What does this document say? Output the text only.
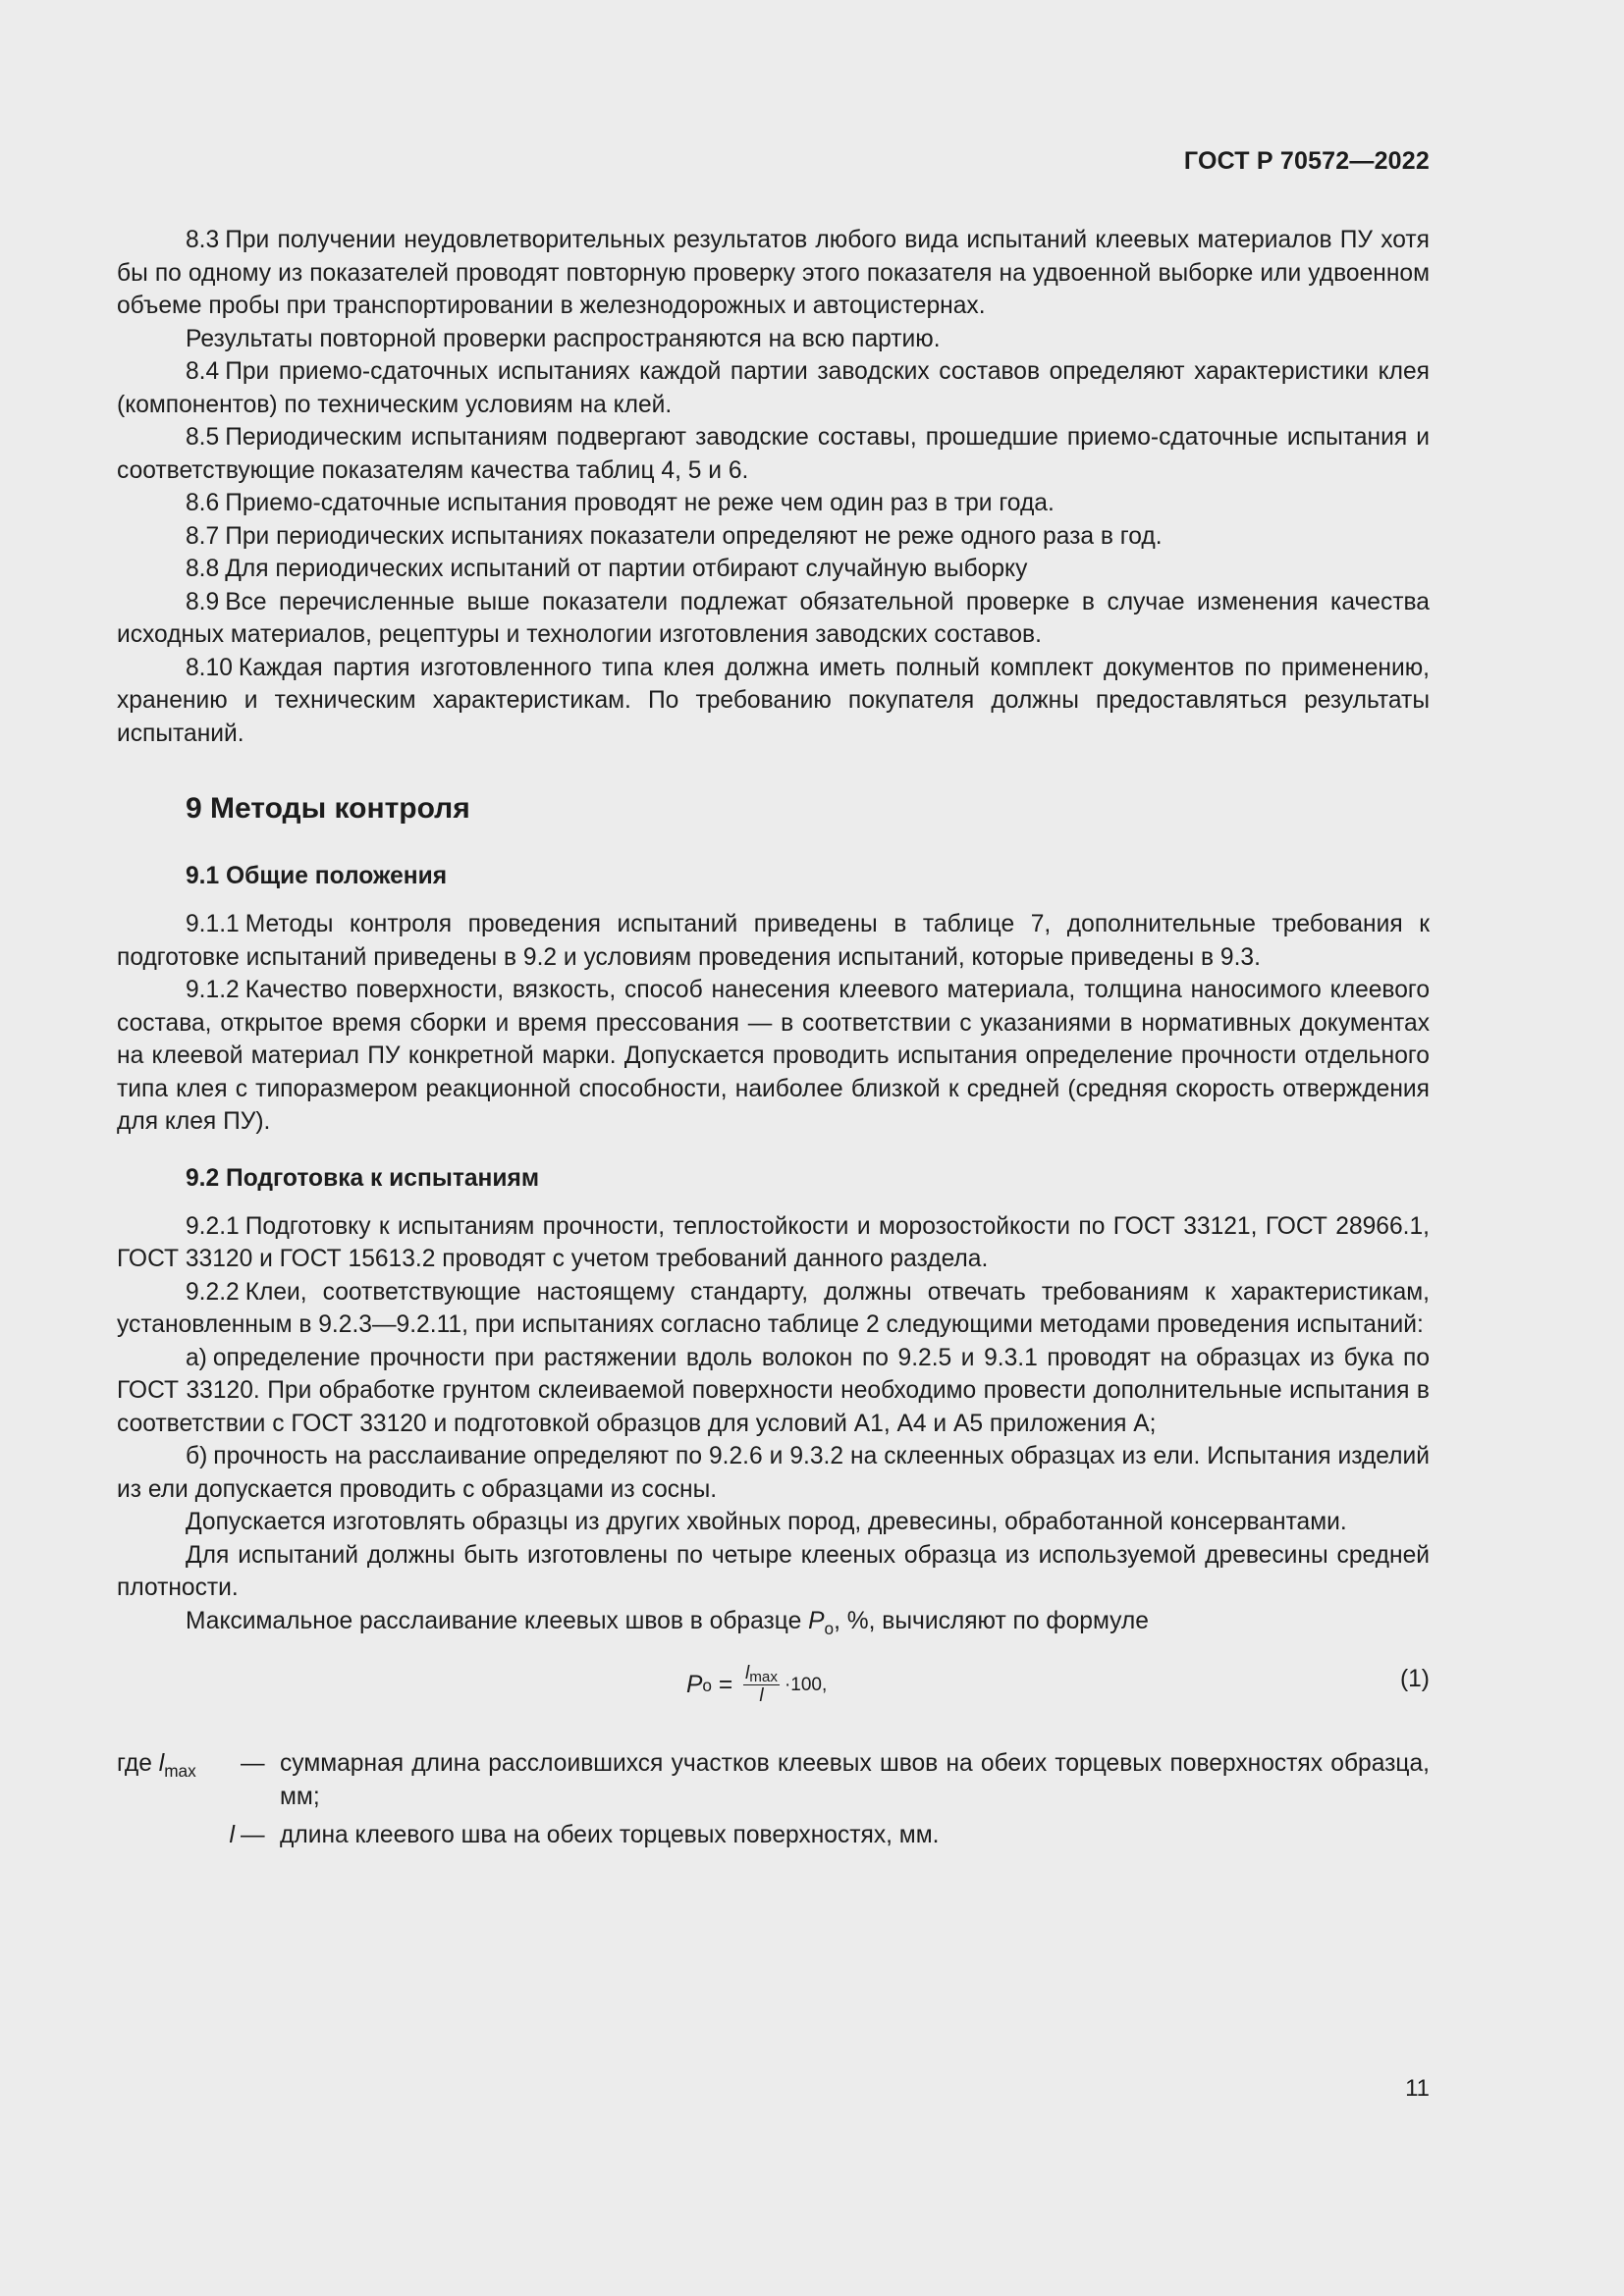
ГОСТ Р 70572—2022

8.3 При получении неудовлетворительных результатов любого вида испытаний клеевых материалов ПУ хотя бы по одному из показателей проводят повторную проверку этого показателя на удвоенной выборке или удвоенном объеме пробы при транспортировании в железнодорожных и автоцистернах.

Результаты повторной проверки распространяются на всю партию.

8.4 При приемо-сдаточных испытаниях каждой партии заводских составов определяют характеристики клея (компонентов) по техническим условиям на клей.

8.5 Периодическим испытаниям подвергают заводские составы, прошедшие приемо-сдаточные испытания и соответствующие показателям качества таблиц 4, 5 и 6.

8.6 Приемо-сдаточные испытания проводят не реже чем один раз в три года.

8.7 При периодических испытаниях показатели определяют не реже одного раза в год.

8.8 Для периодических испытаний от партии отбирают случайную выборку

8.9 Все перечисленные выше показатели подлежат обязательной проверке в случае изменения качества исходных материалов, рецептуры и технологии изготовления заводских составов.

8.10 Каждая партия изготовленного типа клея должна иметь полный комплект документов по применению, хранению и техническим характеристикам. По требованию покупателя должны предоставляться результаты испытаний.

9 Методы контроля
9.1 Общие положения

9.1.1 Методы контроля проведения испытаний приведены в таблице 7, дополнительные требования к подготовке испытаний приведены в 9.2 и условиям проведения испытаний, которые приведены в 9.3.

9.1.2 Качество поверхности, вязкость, способ нанесения клеевого материала, толщина наносимого клеевого состава, открытое время сборки и время прессования — в соответствии с указаниями в нормативных документах на клеевой материал ПУ конкретной марки. Допускается проводить испытания определение прочности отдельного типа клея с типоразмером реакционной способности, наиболее близкой к средней (средняя скорость отверждения для клея ПУ).

9.2 Подготовка к испытаниям

9.2.1 Подготовку к испытаниям прочности, теплостойкости и морозостойкости по ГОСТ 33121, ГОСТ 28966.1, ГОСТ 33120 и ГОСТ 15613.2 проводят с учетом требований данного раздела.

9.2.2 Клеи, соответствующие настоящему стандарту, должны отвечать требованиям к характеристикам, установленным в 9.2.3—9.2.11, при испытаниях согласно таблице 2 следующими методами проведения испытаний:

а) определение прочности при растяжении вдоль волокон по 9.2.5 и 9.3.1 проводят на образцах из бука по ГОСТ 33120. При обработке грунтом склеиваемой поверхности необходимо провести дополнительные испытания в соответствии с ГОСТ 33120 и подготовкой образцов для условий А1, А4 и А5 приложения А;

б) прочность на расслаивание определяют по 9.2.6 и 9.3.2 на склеенных образцах из ели. Испытания изделий из ели допускается проводить с образцами из сосны.

Допускается изготовлять образцы из других хвойных пород, древесины, обработанной консервантами.

Для испытаний должны быть изготовлены по четыре клееных образца из используемой древесины средней плотности.

Максимальное расслаивание клеевых швов в образце $P_о$, %, вычисляют по формуле

P $о = \frac{l_{max}}{l} \cdot 100$,	(1)
где $l_{max}$	— суммарная длина расслоившихся участков клеевых швов на обеих торцевых поверхностях образца, мм;
l — длина клеевого шва на обеих торцевых поверхностях, мм.
11
